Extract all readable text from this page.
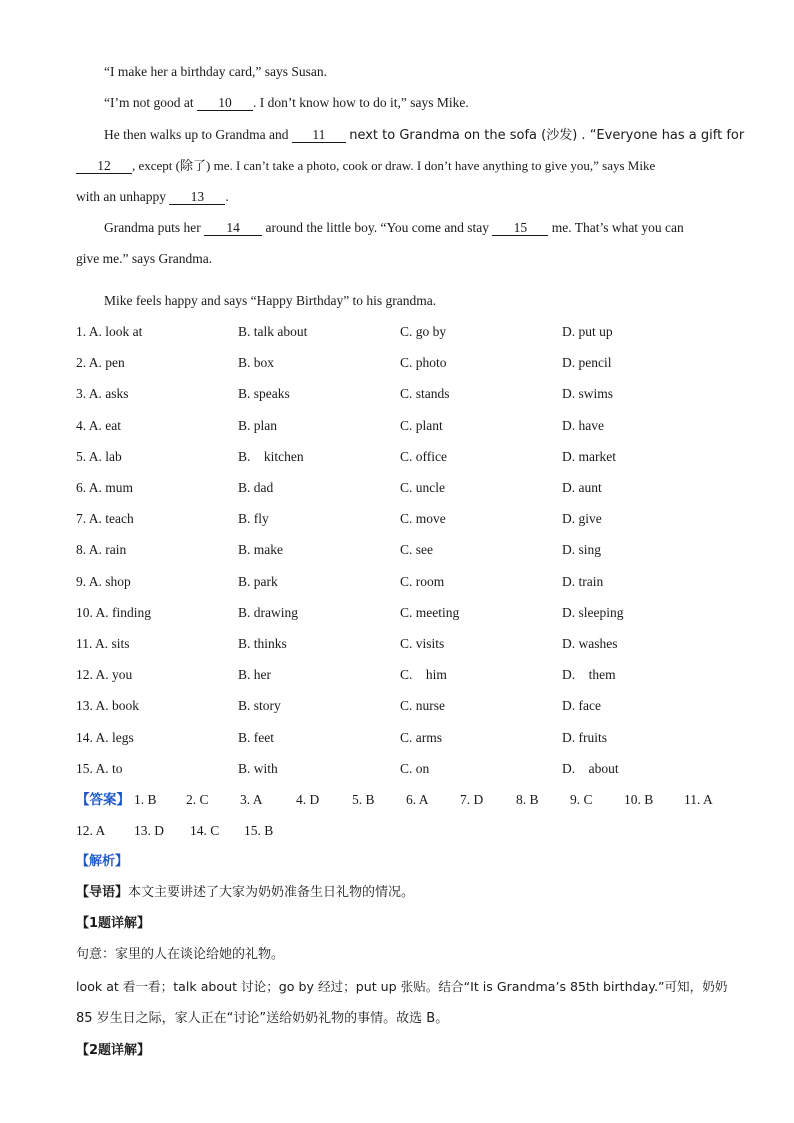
“I make her a birthday card,” says Susan.
“I’m not good at 10 . I don’t know how to do it,” says Mike.
He then walks up to Grandma and 11 next to Grandma on the sofa (沙发) . “Everyone has a gift for
12 , except (除了) me. I can’t take a photo, cook or draw. I don’t have anything to give you,” says Mike
with an unhappy 13 .
Grandma puts her 14 around the little boy. “You come and stay 15 me. That’s what you can
give me.” says Grandma.
Mike feels happy and says “Happy Birthday” to his grandma.
1. A. look at	B. talk about	C. go by	D. put up
2. A. pen	B. box	C. photo	D. pencil
3. A. asks	B. speaks	C. stands	D. swims
4. A. eat	B. plan	C. plant	D. have
5. A. lab	B.    kitchen	C. office	D. market
6. A. mum	B. dad	C. uncle	D. aunt
7. A. teach	B. fly	C. move	D. give
8. A. rain	B. make	C. see	D. sing
9. A. shop	B. park	C. room	D. train
10. A. finding	B. drawing	C. meeting	D. sleeping
11. A. sits	B. thinks	C. visits	D. washes
12. A. you	B. her	C.    him	D.    them
13. A. book	B. story	C. nurse	D. face
14. A. legs	B. feet	C. arms	D. fruits
15. A. to	B. with	C. on	D.    about
【答案】 1. B 2. C 3. A 4. D 5. B 6. A 7. D 8. B 9. C 10. B 11. A
12. A 13. D 14. C 15. B
【解析】
【导语】本文主要讲述了大家为奶奶准备生日礼物的情况。
【1题详解】
句意：家里的人在谈论给她的礼物。
look at 看一看；talk about 讨论；go by 经过；put up 张贴。结合“It is Grandma’s 85th birthday.”可知，奶奶
85 岁生日之际，家人正在“讨论”送给奶奶礼物的事情。故选 B。
【2题详解】
